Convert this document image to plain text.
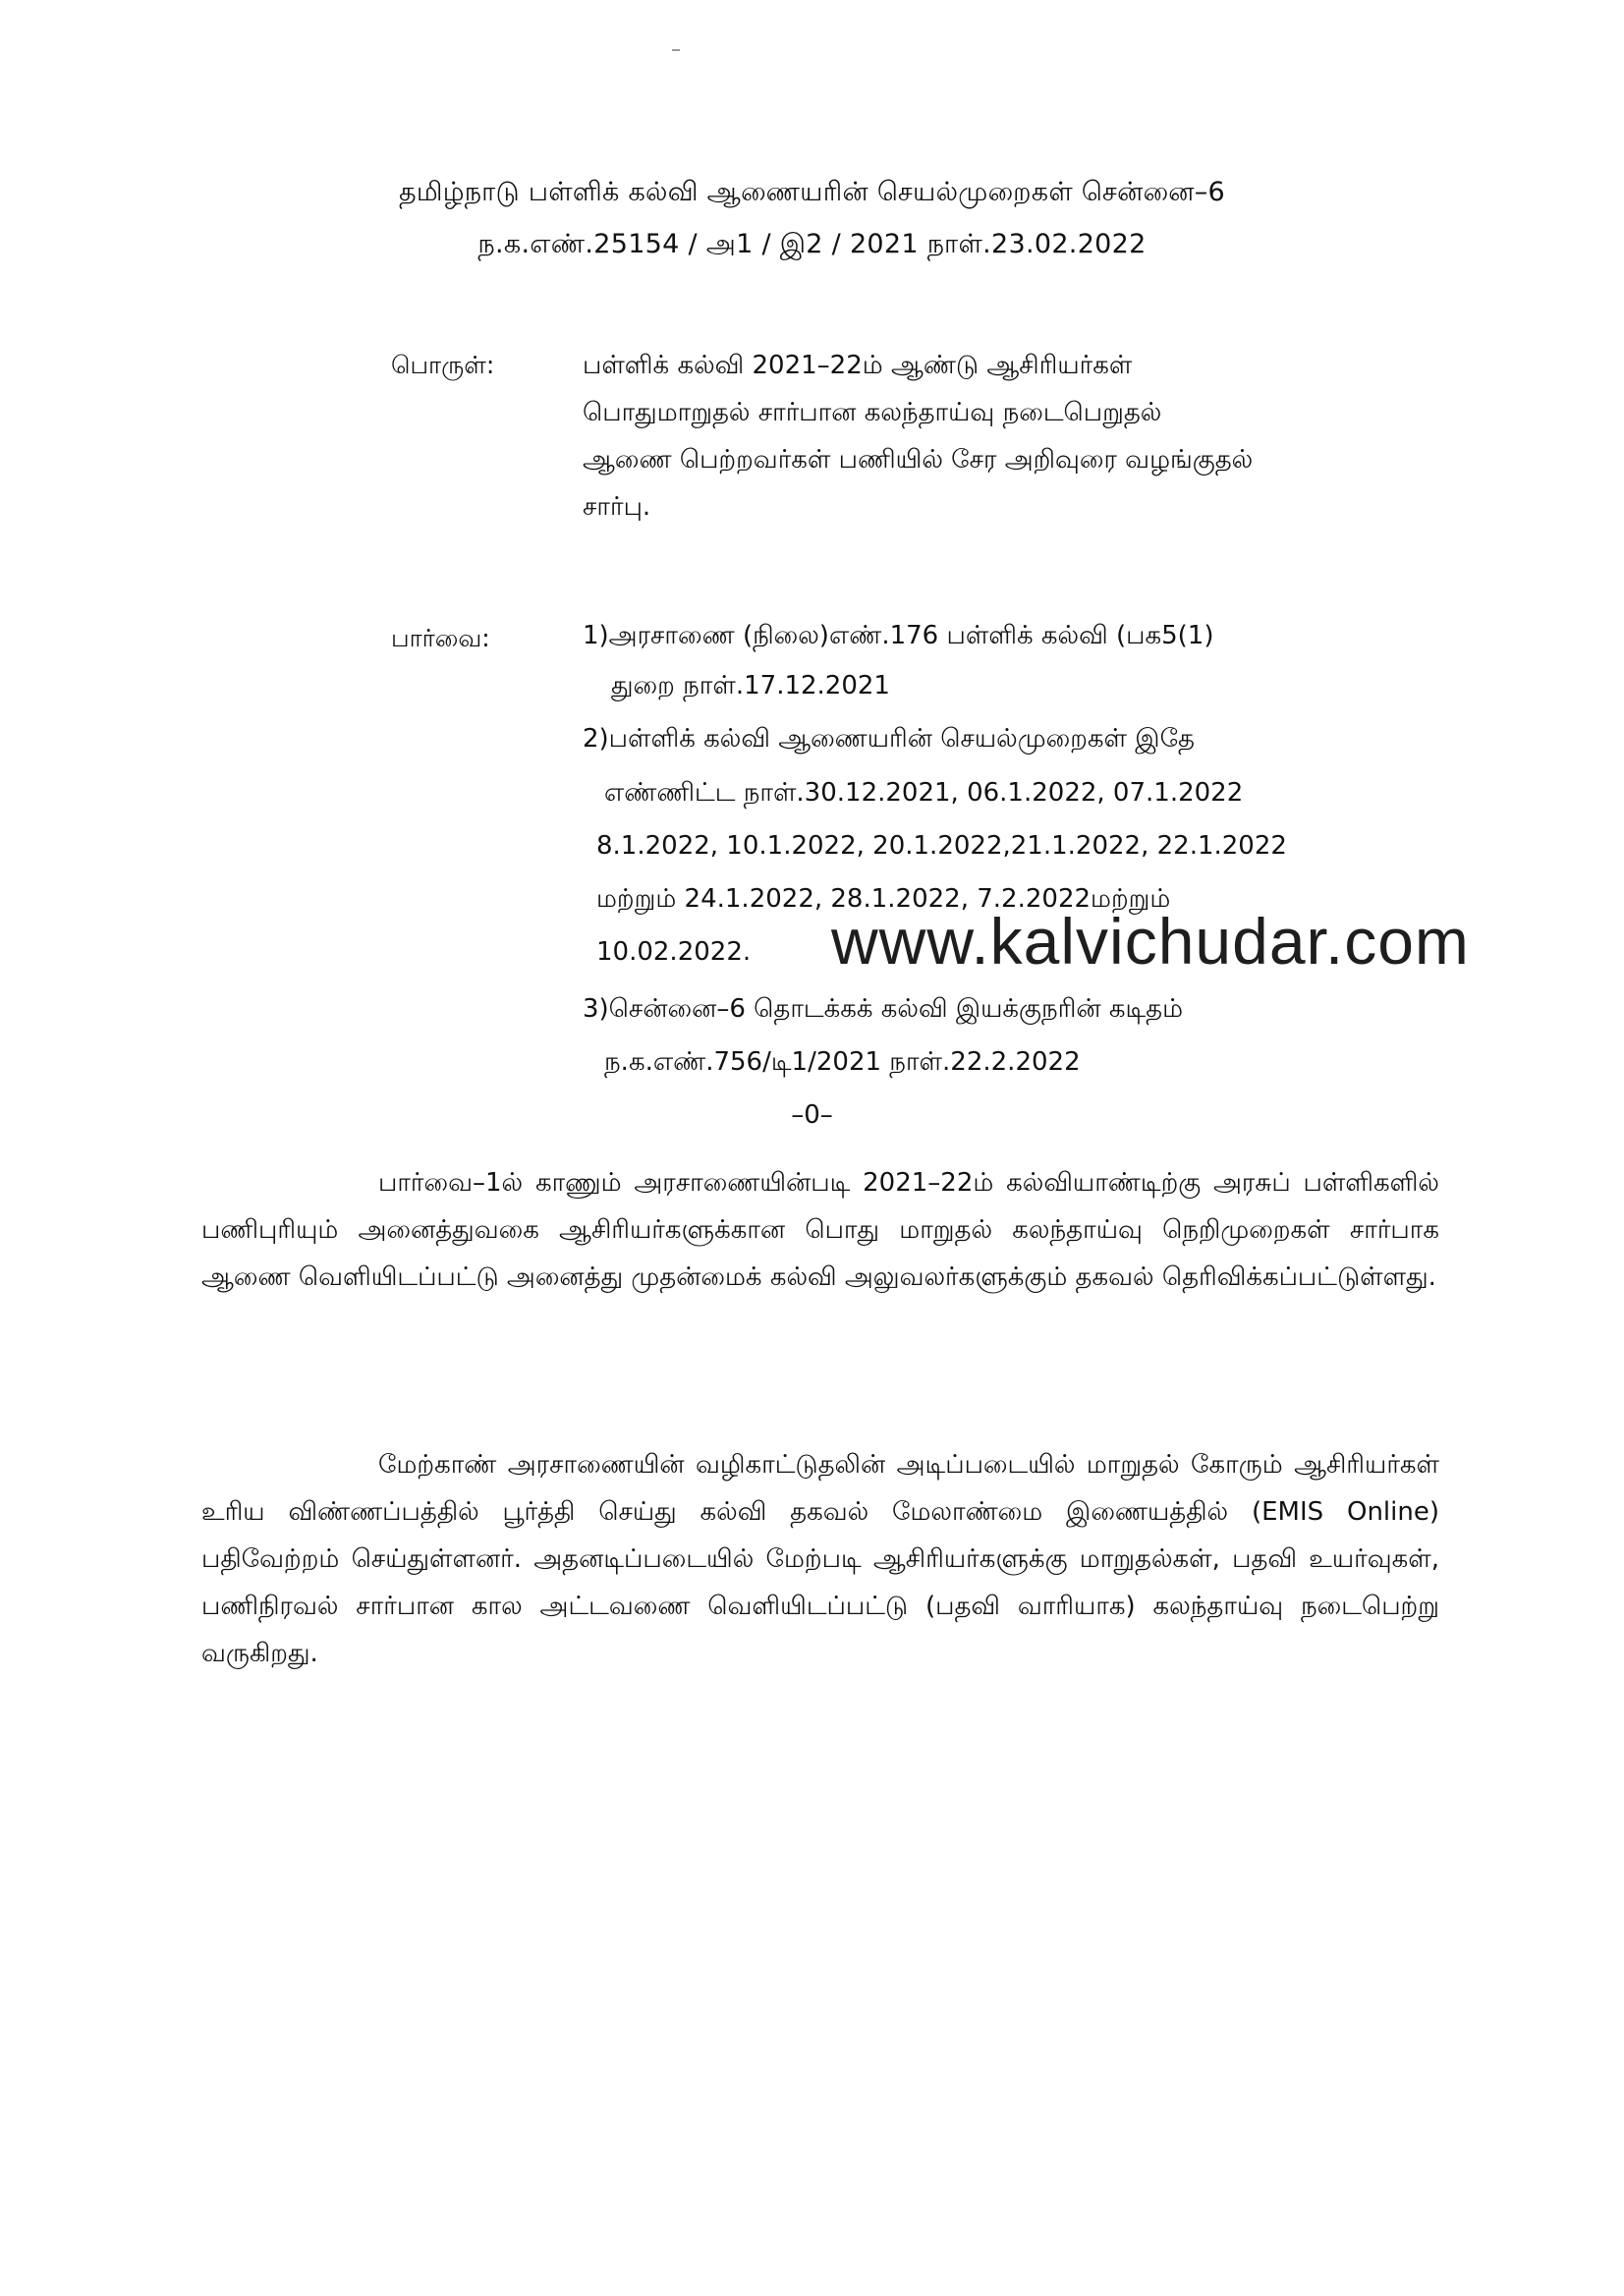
தமிழ்நாடு பள்ளிக் கல்வி ஆணையரின் செயல்முறைகள் சென்னை–6
ந.க.எண்.25154 / அ1 / இ2 / 2021 நாள்.23.02.2022
பொருள்:	பள்ளிக் கல்வி 2021–22ம் ஆண்டு ஆசிரியர்கள்
பொதுமாறுதல் சார்பான கலந்தாய்வு நடைபெறுதல்
ஆணை பெற்றவர்கள் பணியில் சேர அறிவுரை வழங்குதல்
சார்பு.
பார்வை:	1)அரசாணை (நிலை)எண்.176 பள்ளிக் கல்வி (பக5(1)
துறை நாள்.17.12.2021
2)பள்ளிக் கல்வி ஆணையரின் செயல்முறைகள் இதே
எண்ணிட்ட நாள்.30.12.2021, 06.1.2022, 07.1.2022
8.1.2022, 10.1.2022, 20.1.2022,21.1.2022, 22.1.2022
மற்றும் 24.1.2022, 28.1.2022, 7.2.2022மற்றும்
10.02.2022.
3)சென்னை–6 தொடக்கக் கல்வி இயக்குநரின் கடிதம்
ந.க.எண்.756/டி1/2021 நாள்.22.2.2022
www.kalvichudar.com
–0–
பார்வை–1ல் காணும் அரசாணையின்படி 2021–22ம் கல்வியாண்டிற்கு அரசுப் பள்ளிகளில் பணிபுரியும் அனைத்துவகை ஆசிரியர்களுக்கான பொது மாறுதல் கலந்தாய்வு நெறிமுறைகள் சார்பாக ஆணை வெளியிடப்பட்டு அனைத்து முதன்மைக் கல்வி அலுவலர்களுக்கும் தகவல் தெரிவிக்கப்பட்டுள்ளது.
மேற்காண் அரசாணையின் வழிகாட்டுதலின் அடிப்படையில் மாறுதல் கோரும் ஆசிரியர்கள் உரிய விண்ணப்பத்தில் பூர்த்தி செய்து கல்வி தகவல் மேலாண்மை இணையத்தில் (EMIS Online) பதிவேற்றம் செய்துள்ளனர். அதனடிப்படையில் மேற்படி ஆசிரியர்களுக்கு மாறுதல்கள், பதவி உயர்வுகள், பணிநிரவல் சார்பான கால அட்டவணை வெளியிடப்பட்டு (பதவி வாரியாக) கலந்தாய்வு நடைபெற்று வருகிறது.
